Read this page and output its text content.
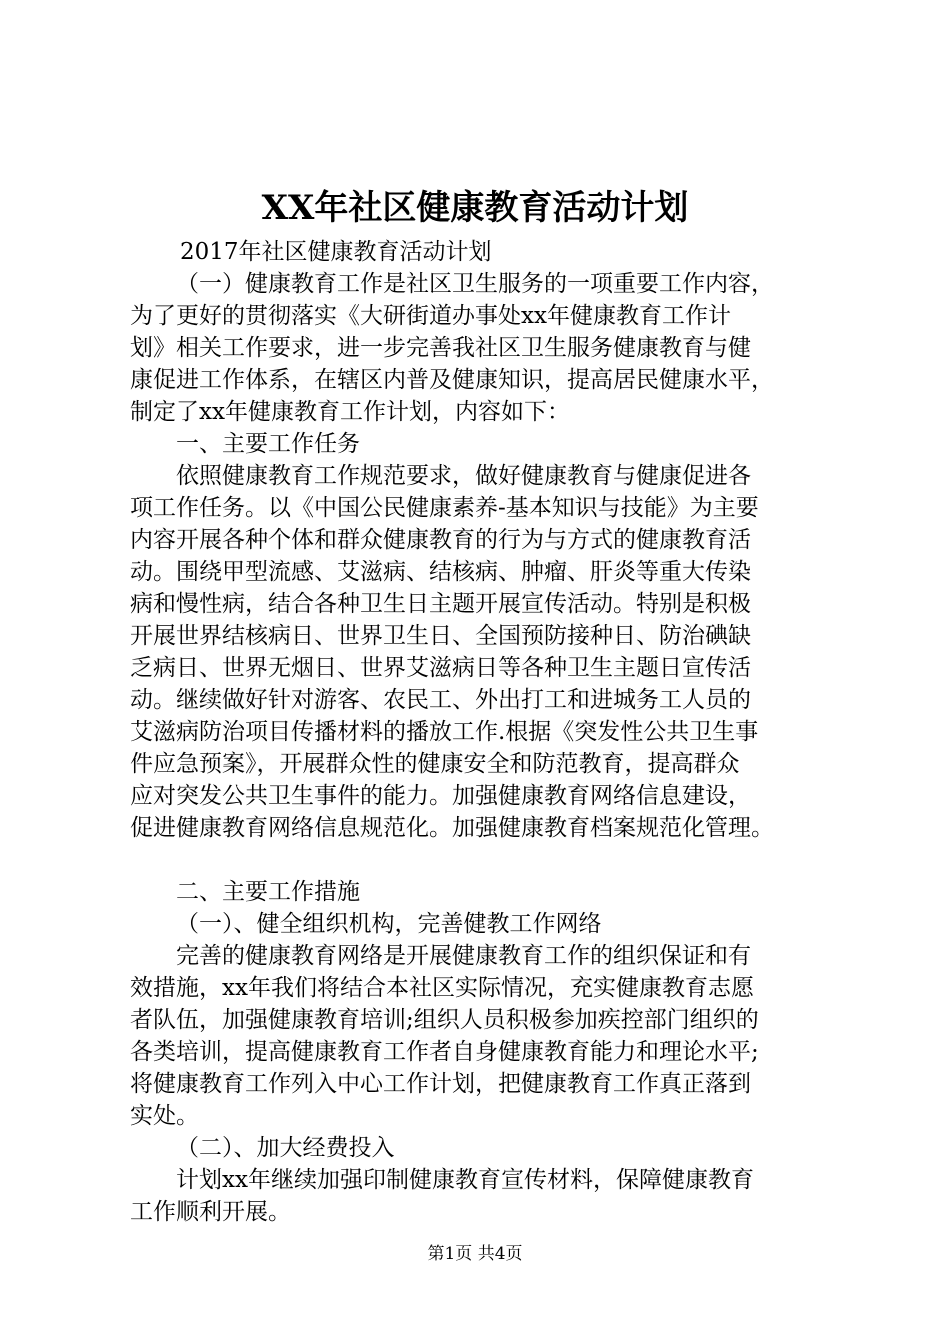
XX年社区健康教育活动计划
2017年社区健康教育活动计划
（一）健康教育工作是社区卫生服务的一项重要工作内容，
为了更好的贯彻落实《大研街道办事处xx年健康教育工作计
划》相关工作要求，进一步完善我社区卫生服务健康教育与健
康促进工作体系，在辖区内普及健康知识，提高居民健康水平，
制定了xx年健康教育工作计划，内容如下：
一、主要工作任务
依照健康教育工作规范要求，做好健康教育与健康促进各
项工作任务。以《中国公民健康素养-基本知识与技能》为主要
内容开展各种个体和群众健康教育的行为与方式的健康教育活
动。围绕甲型流感、艾滋病、结核病、肿瘤、肝炎等重大传染
病和慢性病，结合各种卫生日主题开展宣传活动。特别是积极
开展世界结核病日、世界卫生日、全国预防接种日、防治碘缺
乏病日、世界无烟日、世界艾滋病日等各种卫生主题日宣传活
动。继续做好针对游客、农民工、外出打工和进城务工人员的
艾滋病防治项目传播材料的播放工作.根据《突发性公共卫生事
件应急预案》，开展群众性的健康安全和防范教育，提高群众
应对突发公共卫生事件的能力。加强健康教育网络信息建设，
促进健康教育网络信息规范化。加强健康教育档案规范化管理。
二、主要工作措施
（一）、健全组织机构，完善健教工作网络
完善的健康教育网络是开展健康教育工作的组织保证和有
效措施，xx年我们将结合本社区实际情况，充实健康教育志愿
者队伍，加强健康教育培训;组织人员积极参加疾控部门组织的
各类培训，提高健康教育工作者自身健康教育能力和理论水平;
将健康教育工作列入中心工作计划，把健康教育工作真正落到
实处。
（二）、加大经费投入
计划xx年继续加强印制健康教育宣传材料，保障健康教育
工作顺利开展。
第1页 共4页
